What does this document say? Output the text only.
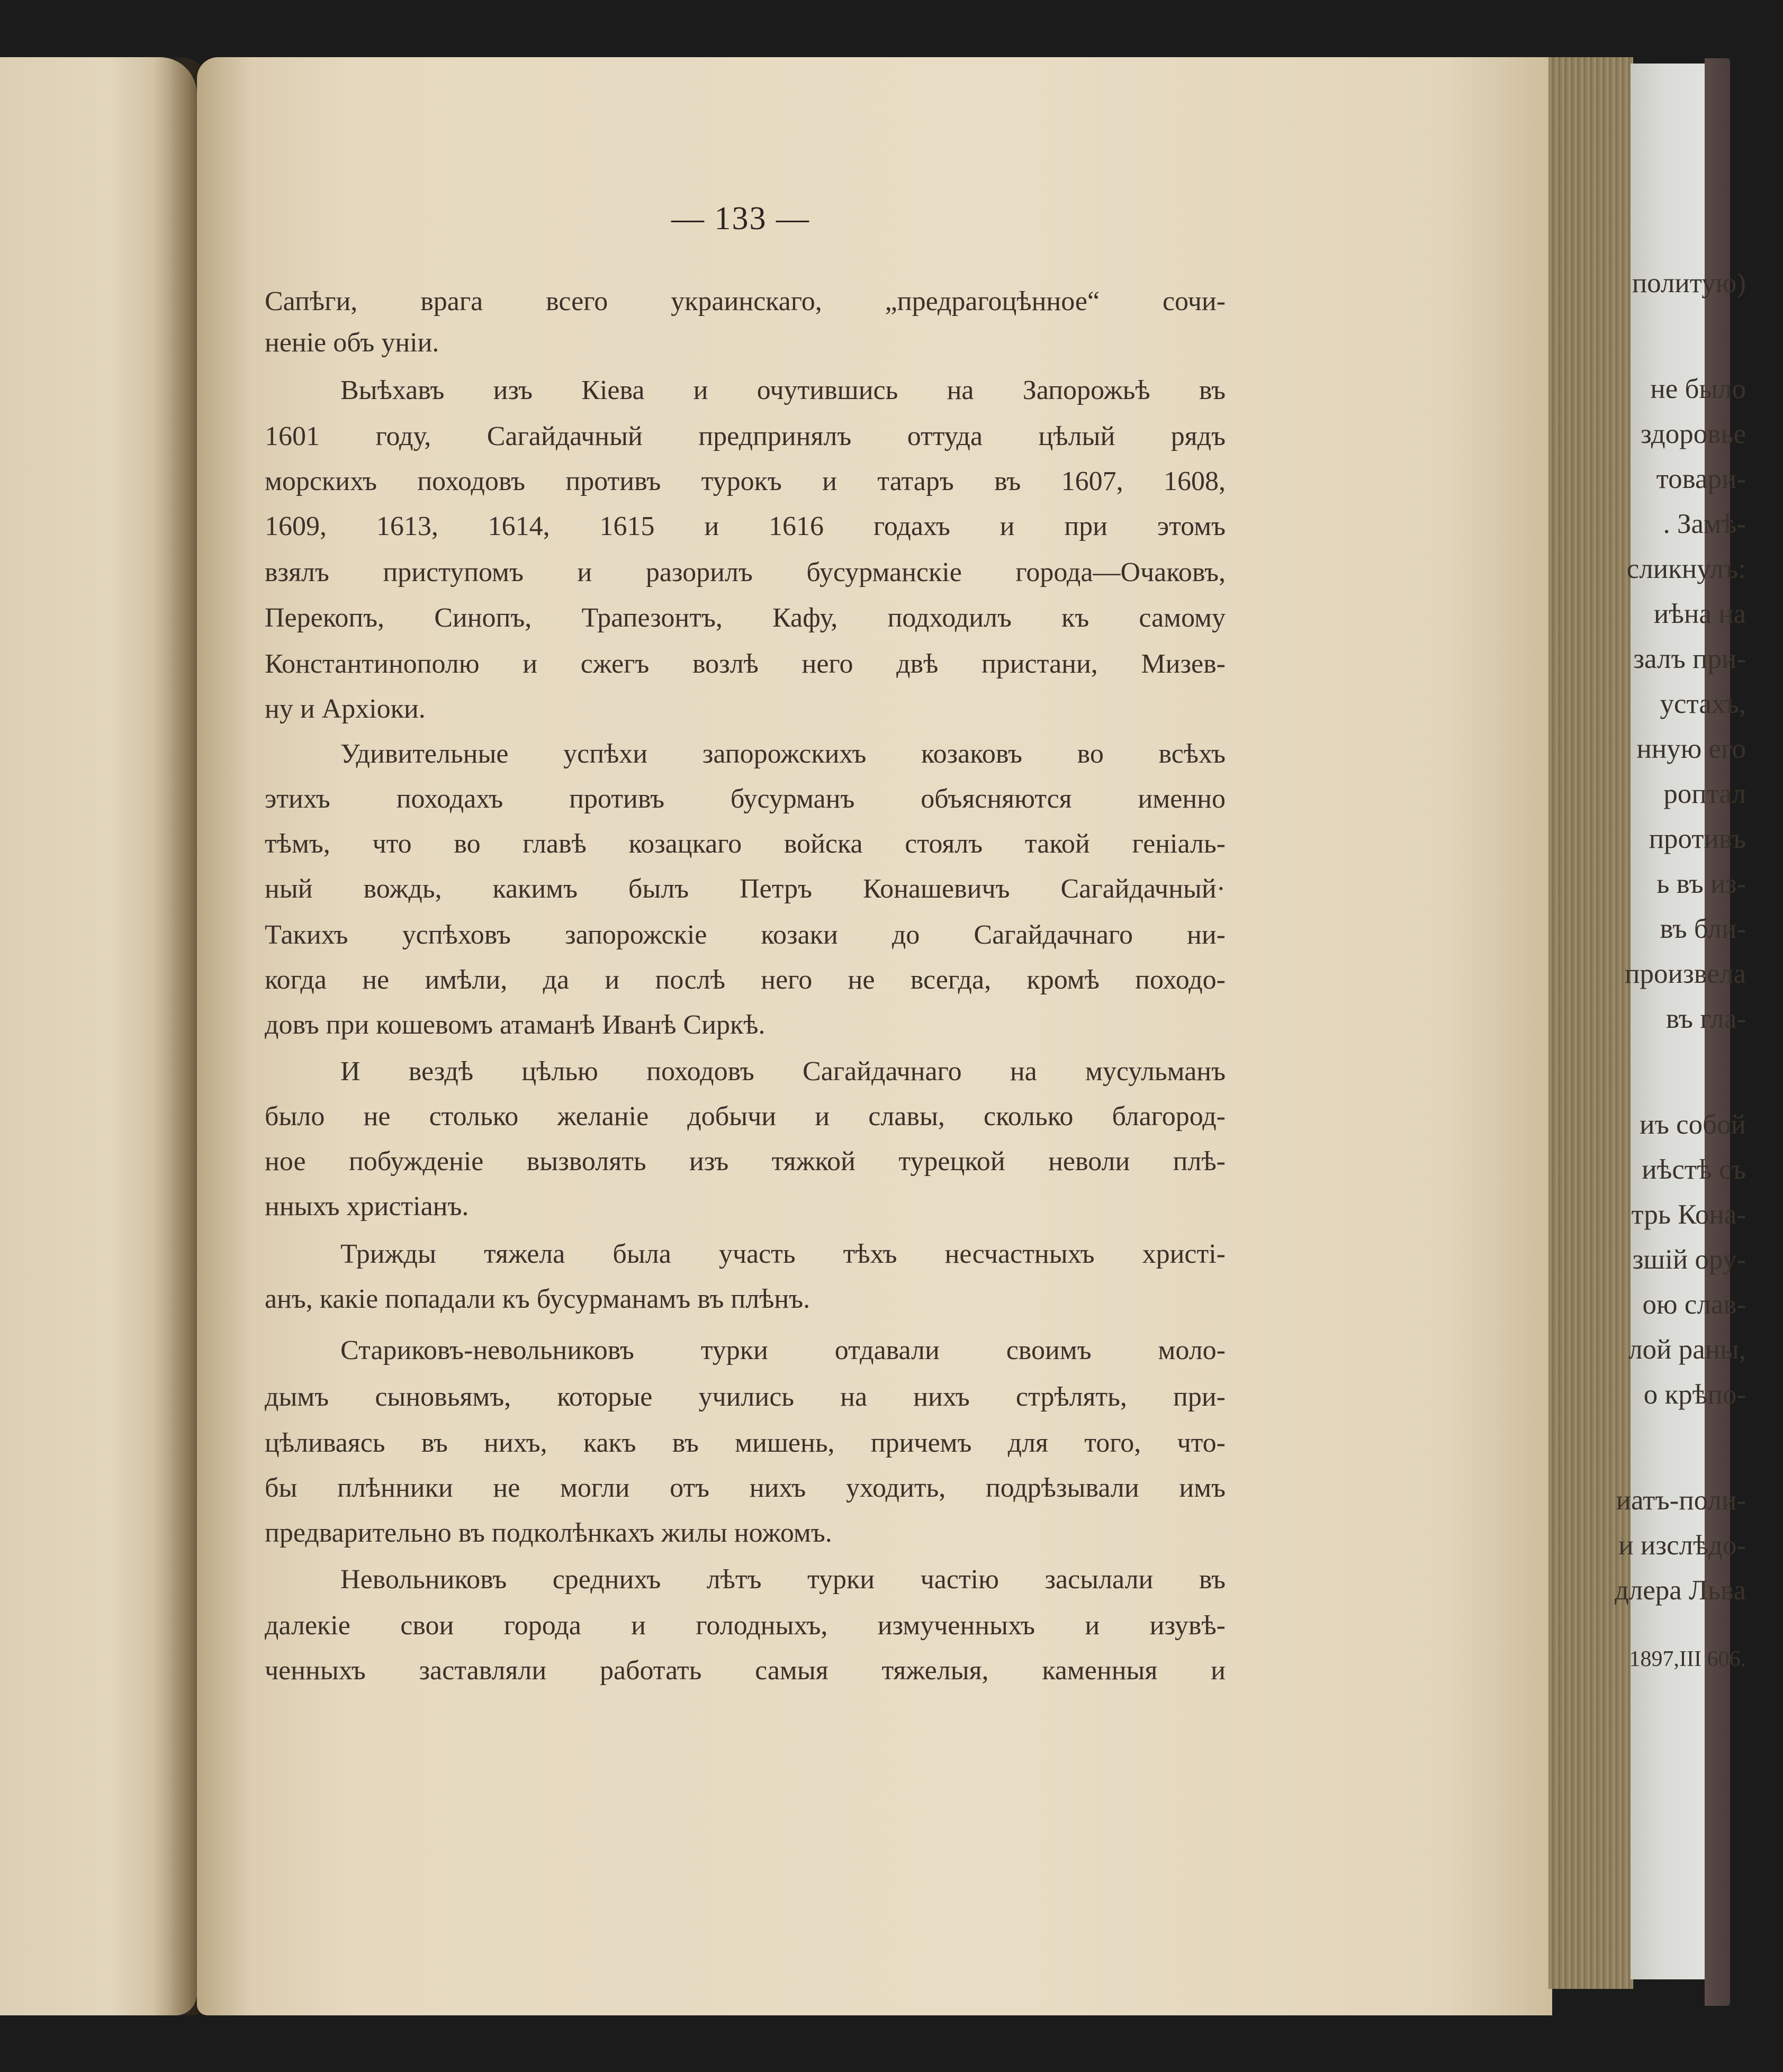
политую)
не было
здоровье
товари-
. Замѣ-
сликнулъ:
иѣна на
залъ при-
устахъ,
нную его
роптал
противъ
ь въ из-
въ бли-
произвела
въ гла-
иъ собой
иѣстѣ съ
трь Кона-
зшій ору-
ою слав-
лой раны,
о крѣпо-
иатъ-поли-
и изслѣдо-
длера Льва
1897,III 606.
— 133 —
Сапѣги, врага всего украинскаго, „предрагоцѣнное“ сочи-
неніе объ уніи.
Выѣхавъ изъ Кіева и очутившись на Запорожьѣ въ
1601 году, Сагайдачный предпринялъ оттуда цѣлый рядъ
морскихъ походовъ противъ турокъ и татаръ въ 1607, 1608,
1609, 1613, 1614, 1615 и 1616 годахъ и при этомъ
взялъ приступомъ и разорилъ бусурманскіе города—Очаковъ,
Перекопъ, Синопъ, Трапезонтъ, Кафу, подходилъ къ самому
Константинополю и сжегъ возлѣ него двѣ пристани, Мизев-
ну и Архіоки.
Удивительные успѣхи запорожскихъ козаковъ во всѣхъ
этихъ походахъ противъ бусурманъ объясняются именно
тѣмъ, что во главѣ козацкаго войска стоялъ такой геніаль-
ный вождь, какимъ былъ Петръ Конашевичъ Сагайдачный·
Такихъ успѣховъ запорожскіе козаки до Сагайдачнаго ни-
когда не имѣли, да и послѣ него не всегда, кромѣ походо-
довъ при кошевомъ атаманѣ Иванѣ Сиркѣ.
И вездѣ цѣлью походовъ Сагайдачнаго на мусульманъ
было не столько желаніе добычи и славы, сколько благород-
ное побужденіе вызволять изъ тяжкой турецкой неволи плѣ-
нныхъ христіанъ.
Трижды тяжела была участь тѣхъ несчастныхъ христі-
анъ, какіе попадали къ бусурманамъ въ плѣнъ.
Стариковъ-невольниковъ турки отдавали своимъ моло-
дымъ сыновьямъ, которые учились на нихъ стрѣлять, при-
цѣливаясь въ нихъ, какъ въ мишень, причемъ для того, что-
бы плѣнники не могли отъ нихъ уходить, подрѣзывали имъ
предварительно въ подколѣнкахъ жилы ножомъ.
Невольниковъ среднихъ лѣтъ турки частію засылали въ
далекіе свои города и голодныхъ, измученныхъ и изувѣ-
ченныхъ заставляли работать самыя тяжелыя, каменныя и
